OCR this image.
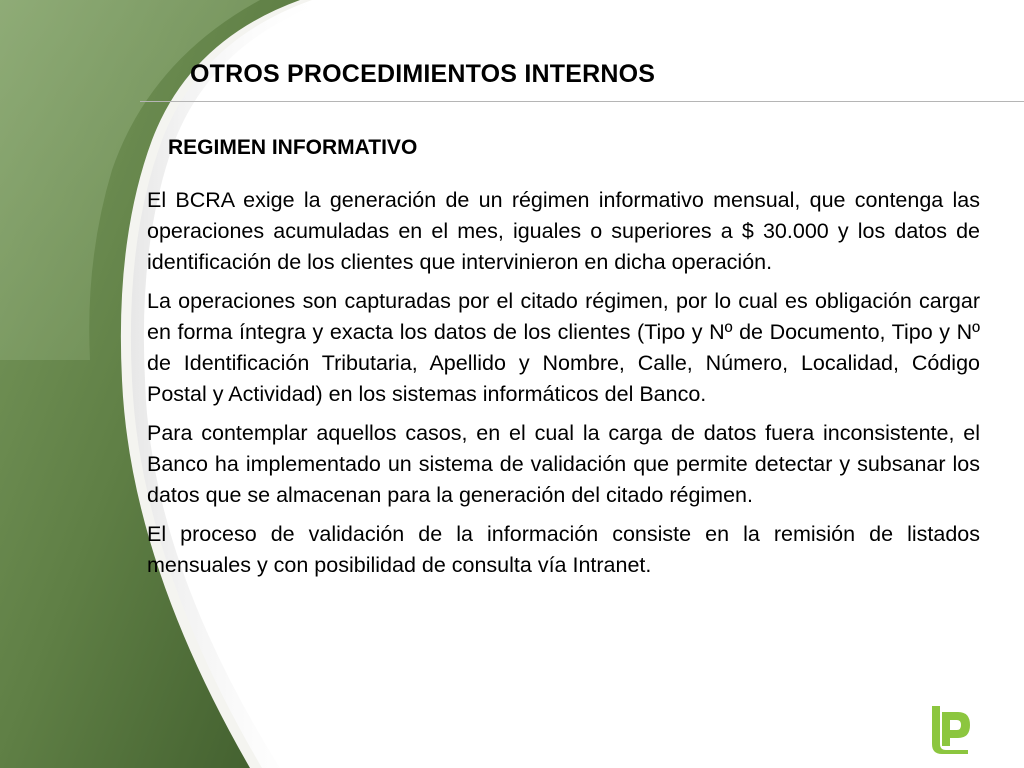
OTROS PROCEDIMIENTOS INTERNOS
REGIMEN INFORMATIVO

El BCRA exige la generación de un régimen informativo mensual, que contenga las operaciones acumuladas en el mes, iguales o superiores a $ 30.000 y los datos de identificación de los clientes que intervinieron en dicha operación.

La operaciones son capturadas por el citado régimen, por lo cual es obligación cargar en forma íntegra y exacta los datos de los clientes (Tipo y Nº de Documento, Tipo y Nº de Identificación Tributaria, Apellido y Nombre, Calle, Número, Localidad, Código Postal y Actividad) en los sistemas informáticos del Banco.

Para contemplar aquellos casos, en el cual la carga de datos fuera inconsistente, el Banco ha implementado un sistema de validación que permite detectar y subsanar los datos que se almacenan para la generación del citado régimen.

El proceso de validación de la información consiste en la remisión de listados mensuales y con posibilidad de consulta vía Intranet.
